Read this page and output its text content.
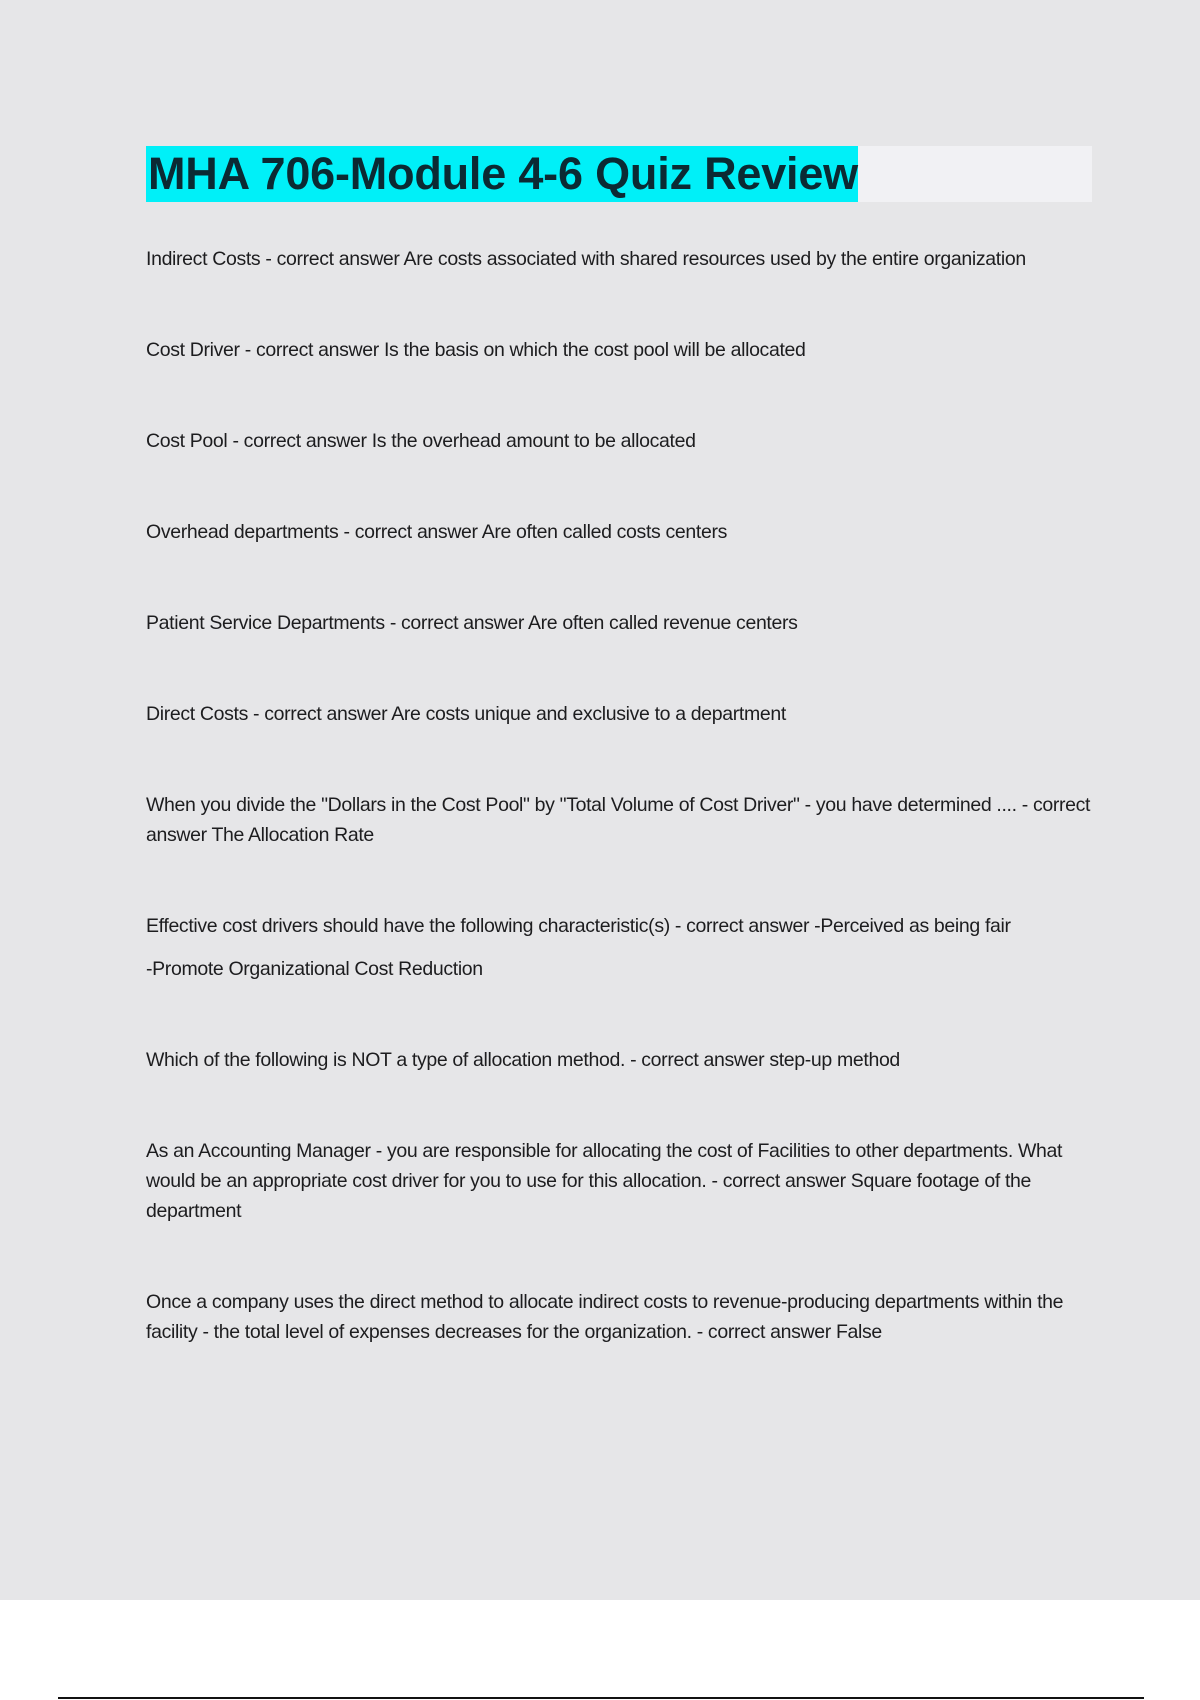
MHA 706-Module 4-6 Quiz Review
Indirect Costs - correct answer Are costs associated with shared resources used by the entire organization
Cost Driver - correct answer Is the basis on which the cost pool will be allocated
Cost Pool - correct answer Is the overhead amount to be allocated
Overhead departments - correct answer Are often called costs centers
Patient Service Departments - correct answer Are often called revenue centers
Direct Costs - correct answer Are costs unique and exclusive to a department
When you divide the "Dollars in the Cost Pool" by "Total Volume of Cost Driver" - you have determined .... - correct answer The Allocation Rate
Effective cost drivers should have the following characteristic(s) - correct answer -Perceived as being fair
-Promote Organizational Cost Reduction
Which of the following is NOT a type of allocation method. - correct answer step-up method
As an Accounting Manager - you are responsible for allocating the cost of Facilities to other departments. What would be an appropriate cost driver for you to use for this allocation. - correct answer Square footage of the department
Once a company uses the direct method to allocate indirect costs to revenue-producing departments within the facility - the total level of expenses decreases for the organization. - correct answer False
